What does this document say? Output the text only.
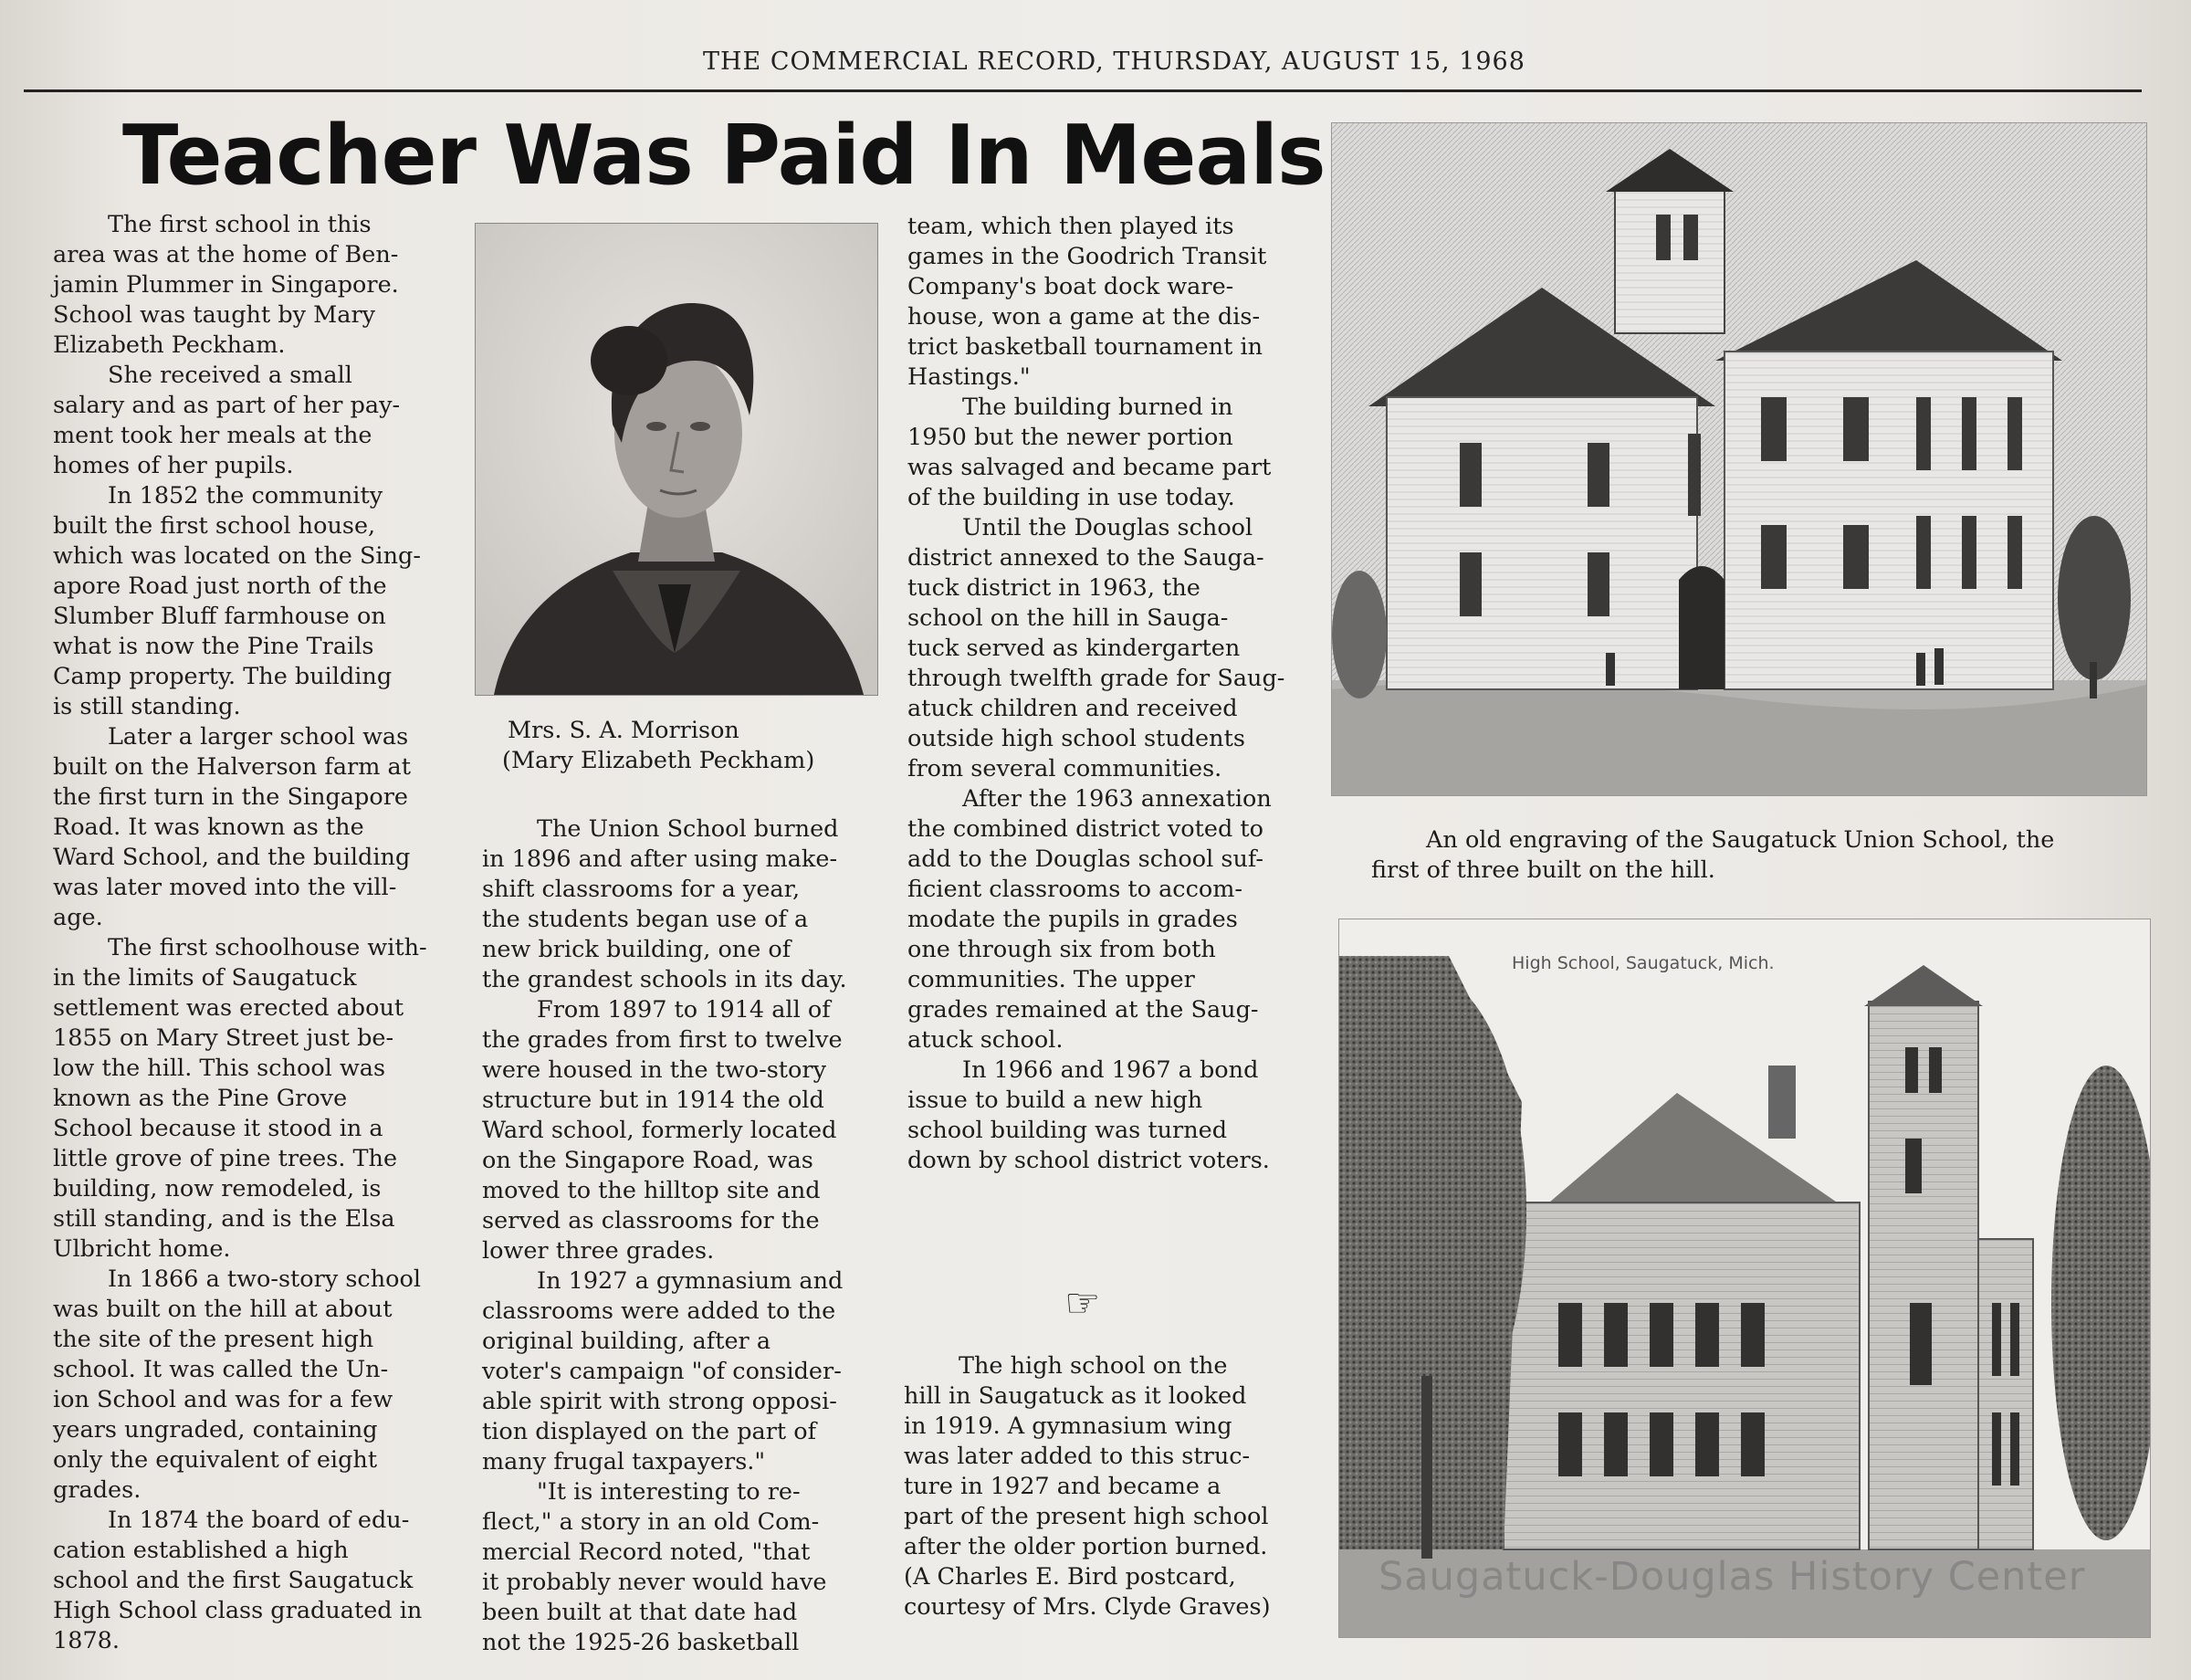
THE COMMERCIAL RECORD, THURSDAY, AUGUST 15, 1968
Teacher Was Paid In Meals
The first school in this
area was at the home of Ben-
jamin Plummer in Singapore.
School was taught by Mary
Elizabeth Peckham.
She received a small
salary and as part of her pay-
ment took her meals at the
homes of her pupils.
In 1852 the community
built the first school house,
which was located on the Sing-
apore Road just north of the
Slumber Bluff farmhouse on
what is now the Pine Trails
Camp property. The building
is still standing.
Later a larger school was
built on the Halverson farm at
the first turn in the Singapore
Road. It was known as the
Ward School, and the building
was later moved into the vill-
age.
The first schoolhouse with-
in the limits of Saugatuck
settlement was erected about
1855 on Mary Street just be-
low the hill. This school was
known as the Pine Grove
School because it stood in a
little grove of pine trees. The
building, now remodeled, is
still standing, and is the Elsa
Ulbricht home.
In 1866 a two-story school
was built on the hill at about
the site of the present high
school. It was called the Un-
ion School and was for a few
years ungraded, containing
only the equivalent of eight
grades.
In 1874 the board of edu-
cation established a high
school and the first Saugatuck
High School class graduated in
1878.
Mrs. S. A. Morrison
(Mary Elizabeth Peckham)
The Union School burned
in 1896 and after using make-
shift classrooms for a year,
the students began use of a
new brick building, one of
the grandest schools in its day.
From 1897 to 1914 all of
the grades from first to twelve
were housed in the two-story
structure but in 1914 the old
Ward school, formerly located
on the Singapore Road, was
moved to the hilltop site and
served as classrooms for the
lower three grades.
In 1927 a gymnasium and
classrooms were added to the
original building, after a
voter's campaign "of consider-
able spirit with strong opposi-
tion displayed on the part of
many frugal taxpayers."
"It is interesting to re-
flect," a story in an old Com-
mercial Record noted, "that
it probably never would have
been built at that date had
not the 1925-26 basketball
team, which then played its
games in the Goodrich Transit
Company's boat dock ware-
house, won a game at the dis-
trict basketball tournament in
Hastings."
The building burned in
1950 but the newer portion
was salvaged and became part
of the building in use today.
Until the Douglas school
district annexed to the Sauga-
tuck district in 1963, the
school on the hill in Sauga-
tuck served as kindergarten
through twelfth grade for Saug-
atuck children and received
outside high school students
from several communities.
After the 1963 annexation
the combined district voted to
add to the Douglas school suf-
ficient classrooms to accom-
modate the pupils in grades
one through six from both
communities. The upper
grades remained at the Saug-
atuck school.
In 1966 and 1967 a bond
issue to build a new high
school building was turned
down by school district voters.
☞
The high school on the
hill in Saugatuck as it looked
in 1919. A gymnasium wing
was later added to this struc-
ture in 1927 and became a
part of the present high school
after the older portion burned.
(A Charles E. Bird postcard,
courtesy of Mrs. Clyde Graves)
An old engraving of the Saugatuck Union School, the
first of three built on the hill.
High School, Saugatuck, Mich.
Saugatuck-Douglas History Center
